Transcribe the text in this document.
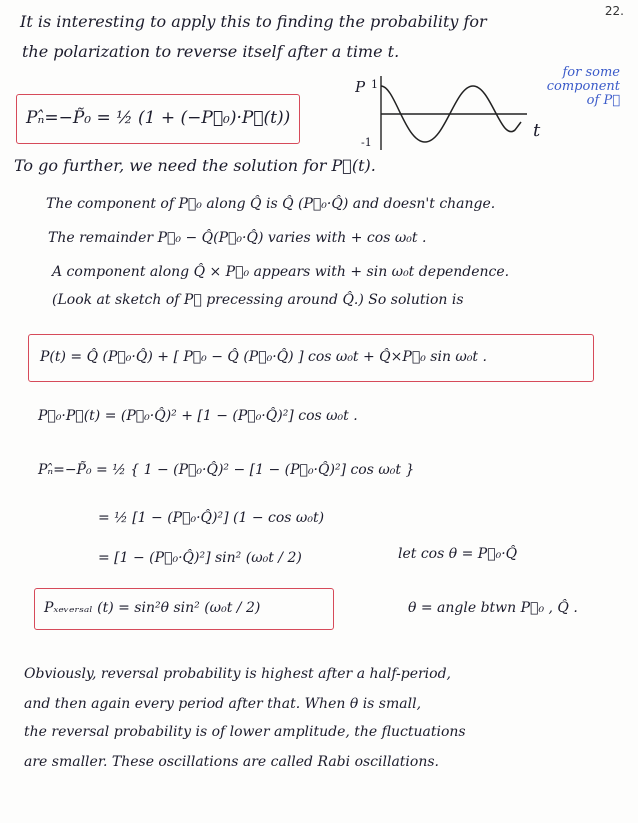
22.
It is interesting to apply this to finding the probability for
the polarization to reverse itself after a time t.
Pₙ̂=−P̃₀ = ½ (1 + (−P⃗₀)·P⃗(t))
P 1
-1
t
for some
component
of P⃗
To go further, we need the solution for P⃗(t).
The component of P⃗₀ along Q̂ is Q̂ (P⃗₀·Q̂) and doesn't change.
The remainder P⃗₀ − Q̂(P⃗₀·Q̂) varies with + cos ω₀t .
A component along Q̂ × P⃗₀ appears with + sin ω₀t dependence.
(Look at sketch of P⃗ precessing around Q̂.) So solution is
P(t) = Q̂ (P⃗₀·Q̂) + [ P⃗₀ − Q̂ (P⃗₀·Q̂) ] cos ω₀t + Q̂×P⃗₀ sin ω₀t .
P⃗₀·P⃗(t) = (P⃗₀·Q̂)² + [1 − (P⃗₀·Q̂)²] cos ω₀t .
Pₙ̂=−P̃₀ = ½ { 1 − (P⃗₀·Q̂)² − [1 − (P⃗₀·Q̂)²] cos ω₀t }
= ½ [1 − (P⃗₀·Q̂)²] (1 − cos ω₀t)
= [1 − (P⃗₀·Q̂)²] sin² (ω₀t / 2)	let cos θ = P⃗₀·Q̂
Pₓₑᵥₑᵣₛₐₗ (t) = sin²θ sin² (ω₀t / 2)	θ = angle btwn P⃗₀ , Q̂ .
Obviously, reversal probability is highest after a half-period,
and then again every period after that. When θ is small,
the reversal probability is of lower amplitude, the fluctuations
are smaller. These oscillations are called Rabi oscillations.
